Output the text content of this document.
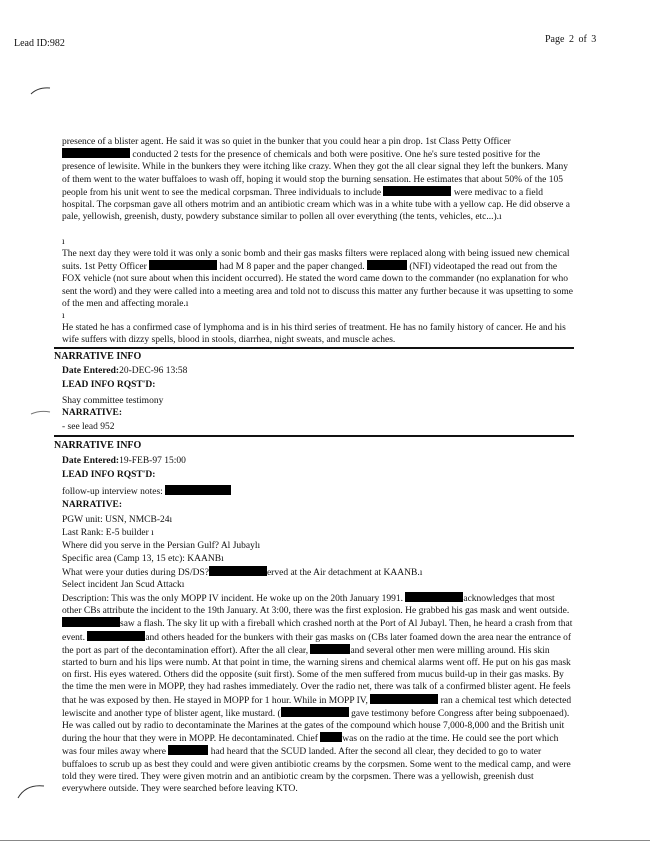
Lead ID:982	Page 2 of 3

presence of a blister agent. He said it was so quiet in the bunker that you could hear a pin drop. 1st Class Petty Officer  conducted 2 tests for the presence of chemicals and both were positive. One he's sure tested positive for the presence of lewisite. While in the bunkers they were itching like crazy. When they got the all clear signal they left the bunkers. Many of them went to the water buffaloes to wash off, hoping it would stop the burning sensation. He estimates that about 50% of the 105 people from his unit went to see the medical corpsman. Three individuals to include	were medivac to a field hospital. The corpsman gave all others motrim and an antibiotic cream which was in a white tube with a yellow cap. He did observe a pale, yellowish, greenish, dusty, powdery substance similar to pollen all over everything (the tents, vehicles, etc...).ı

ı

The next day they were told it was only a sonic bomb and their gas masks filters were replaced along with being issued new chemical suits. 1st Petty Officer	had M 8 paper and the paper changed.	(NFI) videotaped the read out from the FOX vehicle (not sure about when this incident occurred). He stated the word came down to the commander (no explanation for who sent the word) and they were called into a meeting area and told not to discuss this matter any further because it was upsetting to some of the men and affecting morale.ı

ı
He stated he has a confirmed case of lymphoma and is in his third series of treatment. He has no family history of cancer. He and his wife suffers with dizzy spells, blood in stools, diarrhea, night sweats, and muscle aches.
NARRATIVE INFO
Date Entered:20-DEC-96 13:58
LEAD INFO RQST'D:
Shay committee testimony
NARRATIVE:
- see lead 952
NARRATIVE INFO
Date Entered:19-FEB-97 15:00
LEAD INFO RQST'D:
follow-up interview notes:
NARRATIVE:
PGW unit: USN, NMCB-24ı
Last Rank: E-5 builder ı
Where did you serve in the Persian Gulf? Al Jubaylı
Specific area (Camp 13, 15 etc): KAANBı
What were your duties during DS/DS?	erved at the Air detachment at KAANB.ı
Select incident Jan Scud Attackı

Description: This was the only MOPP IV incident. He woke up on the 20th January 1991.	acknowledges that most other CBs attribute the incident to the 19th January. At 3:00, there was the first explosion. He grabbed his gas mask and went outside. saw a flash. The sky lit up with a fireball which crashed north at the Port of Al Jubayl. Then, he heard a crash from that event.	and others headed for the bunkers with their gas masks on (CBs later foamed down the area near the entrance of the port as part of the decontamination effort). After the all clear,	and several other men were milling around. His skin started to burn and his lips were numb. At that point in time, the warning sirens and chemical alarms went off. He put on his gas mask on first. His eyes watered. Others did the opposite (suit first). Some of the men suffered from mucus build-up in their gas masks. By the time the men were in MOPP, they had rashes immediately. Over the radio net, there was talk of a confirmed blister agent. He feels that he was exposed by then. He stayed in MOPP for 1 hour. While in MOPP IV,	ran a chemical test which detected lewiscite and another type of blister agent, like mustard. (	gave testimony before Congress after being subpoenaed). He was called out by radio to decontaminate the Marines at the gates of the compound which house 7,000-8,000 and the British unit during the hour that they were in MOPP. He decontaminated. Chief	was on the radio at the time. He could see the port which was four miles away where	had heard that the SCUD landed. After the second all clear, they decided to go to water buffaloes to scrub up as best they could and were given antibiotic creams by the corpsmen. Some went to the medical camp, and were told they were tired. They were given motrin and an antibiotic cream by the corpsmen. There was a yellowish, greenish dust everywhere outside. They were searched before leaving KTO.
